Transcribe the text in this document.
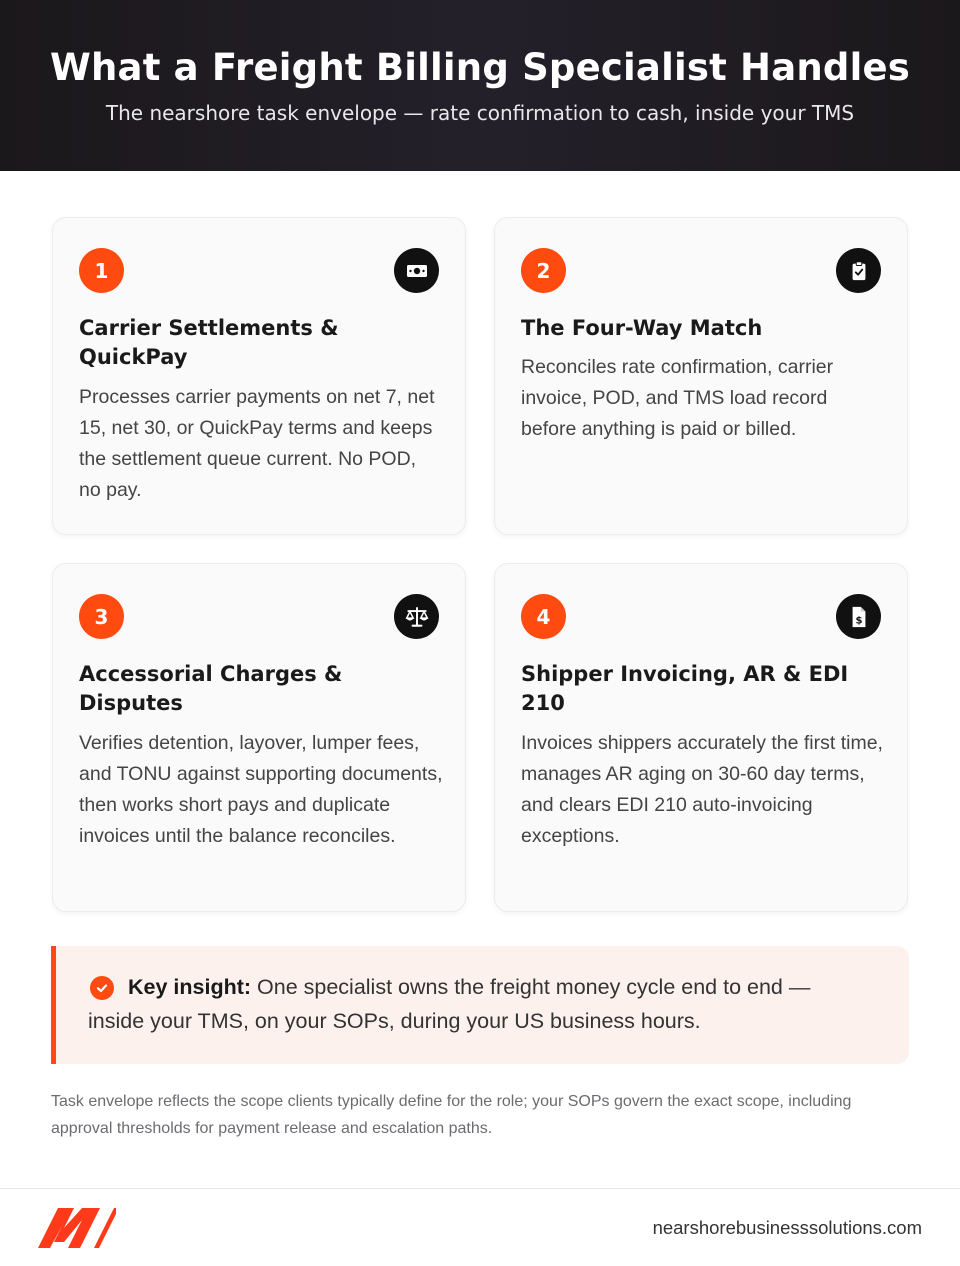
What a Freight Billing Specialist Handles
The nearshore task envelope — rate confirmation to cash, inside your TMS
1
Carrier Settlements & QuickPay

Processes carrier payments on net 7, net 15, net 30, or QuickPay terms and keeps the settlement queue current. No POD, no pay.

2
The Four-Way Match

Reconciles rate confirmation, carrier invoice, POD, and TMS load record before anything is paid or billed.

3
Accessorial Charges & Disputes

Verifies detention, layover, lumper fees, and TONU against supporting documents, then works short pays and duplicate invoices until the balance reconciles.

4	$
Shipper Invoicing, AR & EDI 210

Invoices shippers accurately the first time, manages AR aging on 30-60 day terms, and clears EDI 210 auto-invoicing exceptions.

Key insight: One specialist owns the freight money cycle end to end — inside your TMS, on your SOPs, during your US business hours.
Task envelope reflects the scope clients typically define for the role; your SOPs govern the exact scope, including approval thresholds for payment release and escalation paths.
nearshorebusinesssolutions.com
